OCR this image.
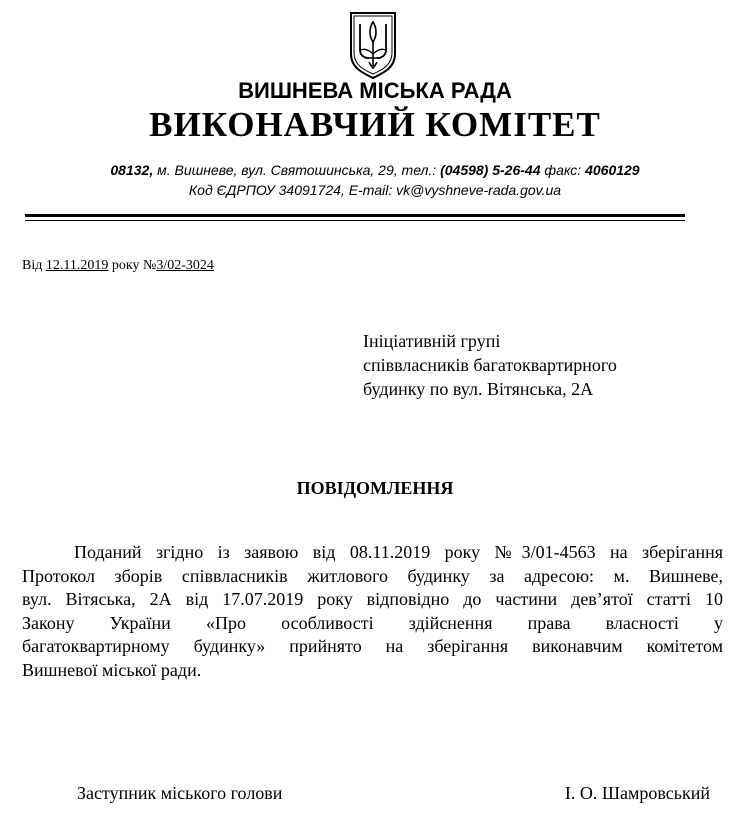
ВИШНЕВА МІСЬКА РАДА
ВИКОНАВЧИЙ КОМІТЕТ
08132, м. Вишневе, вул. Святошинська, 29, тел.: (04598) 5-26-44 факс: 4060129
Код ЄДРПОУ 34091724, E-mail: vk@vyshneve-rada.gov.ua
Від 12.11.2019 року №3/02-3024
Ініціативній групі
співвласників багатоквартирного
будинку по вул. Вітянська, 2А
ПОВІДОМЛЕННЯ
Поданий згідно із заявою від 08.11.2019 року №3/01-4563 на зберігання
Протокол зборів співвласників житлового будинку за адресою: м. Вишневе,
вул. Вітяська, 2А від 17.07.2019 року відповідно до частини дев’ятої статті 10
Закону України «Про особливості здійснення права власності у
багатоквартирному будинку» прийнято на зберігання виконавчим комітетом
Вишневої міської ради.
Заступник міського голови	І. О. Шамровський
